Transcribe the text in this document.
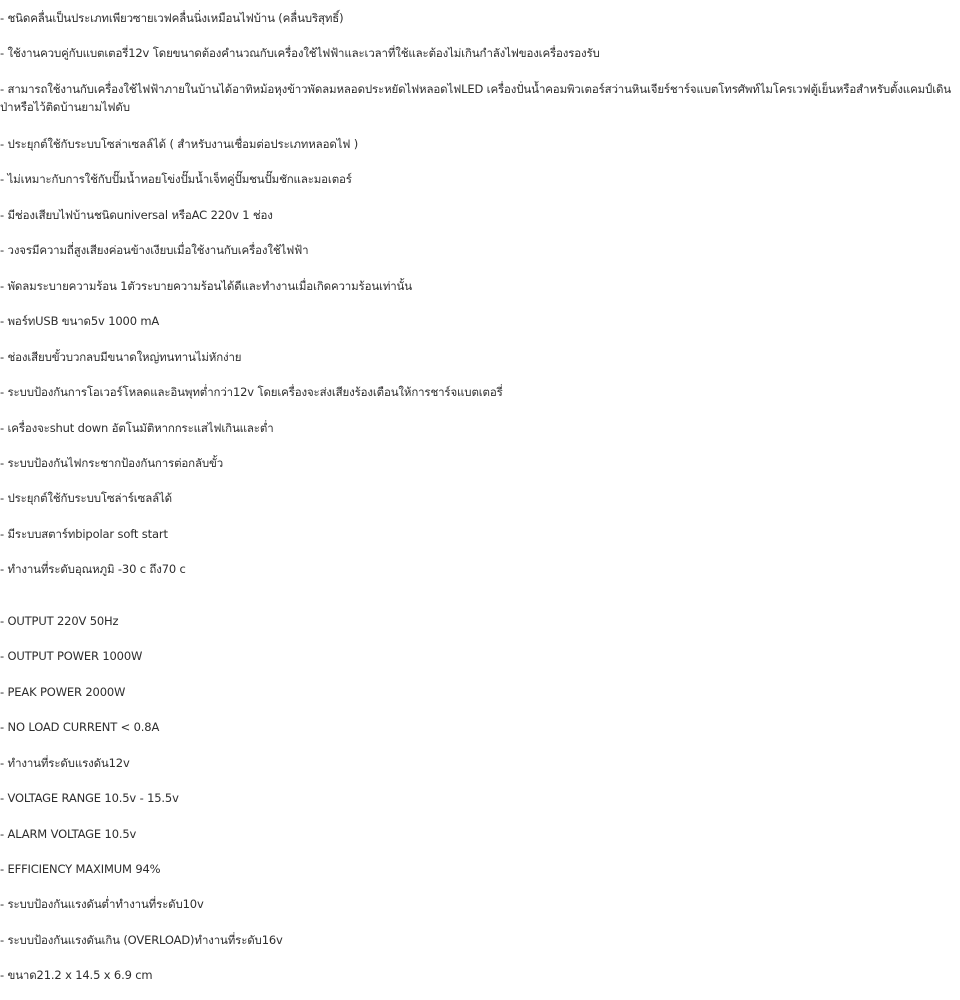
- ชนิดคลื่นเป็นประเภทเพียวซายเวฟคลื่นนิ่งเหมือนไฟบ้าน (คลื่นบริสุทธิ์)
- ใช้งานควบคู่กับแบตเตอรี่12v โดยขนาดต้องคำนวณกับเครื่องใช้ไฟฟ้าและเวลาที่ใช้และต้องไม่เกินกำลังไฟของเครื่องรองรับ
- สามารถใช้งานกับเครื่องใช้ไฟฟ้าภายในบ้านได้อาทิหม้อหุงข้าวพัดลมหลอดประหยัดไฟหลอดไฟLED เครื่องปั่นน้ำคอมพิวเตอร์สว่านหินเจียร์ชาร์จแบตโทรศัพท์ไมโครเวฟตู้เย็นหรือสำหรับตั้งแคมป์เดินป่าหรือไว้ติดบ้านยามไฟดับ
- ประยุกต์ใช้กับระบบโซล่าเซลล์ได้ ( สำหรับงานเชื่อมต่อประเภทหลอดไฟ )
- ไม่เหมาะกับการใช้กับปั๊มน้ำหอยโข่งปั๊มน้ำเจ็ทคู่ปั๊มชนปั๊มชักและมอเตอร์
- มีช่องเสียบไฟบ้านชนิดuniversal หรือAC 220v 1 ช่อง
- วงจรมีความถี่สูงเสียงค่อนข้างเงียบเมื่อใช้งานกับเครื่องใช้ไฟฟ้า
- พัดลมระบายความร้อน 1ตัวระบายความร้อนได้ดีและทำงานเมื่อเกิดความร้อนเท่านั้น
- พอร์ทUSB ขนาด5v 1000 mA
- ช่องเสียบขั้วบวกลบมีขนาดใหญ่ทนทานไม่หักง่าย
- ระบบป้องกันการโอเวอร์โหลดและอินพุทต่ำกว่า12v โดยเครื่องจะส่งเสียงร้องเตือนให้การชาร์จแบตเตอรี่
- เครื่องจะshut down อัตโนมัติหากกระแสไฟเกินและต่ำ
- ระบบป้องกันไฟกระชากป้องกันการต่อกลับขั้ว
- ประยุกต์ใช้กับระบบโซล่าร์เซลล์ได้
- มีระบบสตาร์ทbipolar soft start
- ทำงานที่ระดับอุณหภูมิ -30 c ถึง70 c
- OUTPUT 220V 50Hz
- OUTPUT POWER 1000W
- PEAK POWER 2000W
- NO LOAD CURRENT < 0.8A
- ทำงานที่ระดับแรงดัน12v
- VOLTAGE RANGE 10.5v - 15.5v
- ALARM VOLTAGE 10.5v
- EFFICIENCY MAXIMUM 94%
- ระบบป้องกันแรงดันต่ำทำงานที่ระดับ10v
- ระบบป้องกันแรงดันเกิน (OVERLOAD)ทำงานที่ระดับ16v
- ขนาด21.2 x 14.5 x 6.9 cm
